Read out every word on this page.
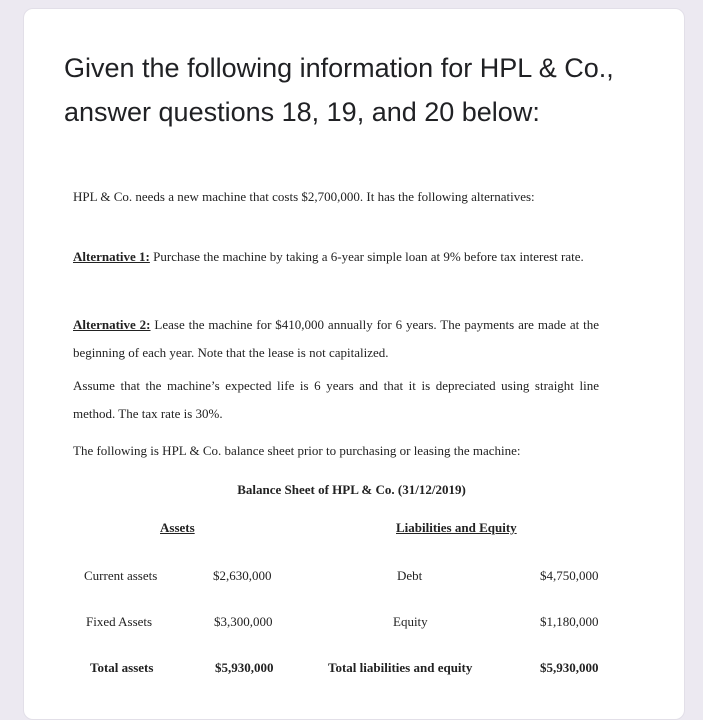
Given the following information for HPL & Co., answer questions 18, 19, and 20 below:

HPL & Co. needs a new machine that costs $2,700,000. It has the following alternatives:

Alternative 1: Purchase the machine by taking a 6-year simple loan at 9% before tax interest rate.

Alternative 2: Lease the machine for $410,000 annually for 6 years. The payments are made at the beginning of each year. Note that the lease is not capitalized.

Assume that the machine’s expected life is 6 years and that it is depreciated using straight line method. The tax rate is 30%.

The following is HPL & Co. balance sheet prior to purchasing or leasing the machine:

Balance Sheet of HPL & Co. (31/12/2019)
Assets	Liabilities and Equity
Current assets	$2,630,000	Debt	$4,750,000
Fixed Assets	$3,300,000	Equity	$1,180,000
Total assets	$5,930,000	Total liabilities and equity	$5,930,000
